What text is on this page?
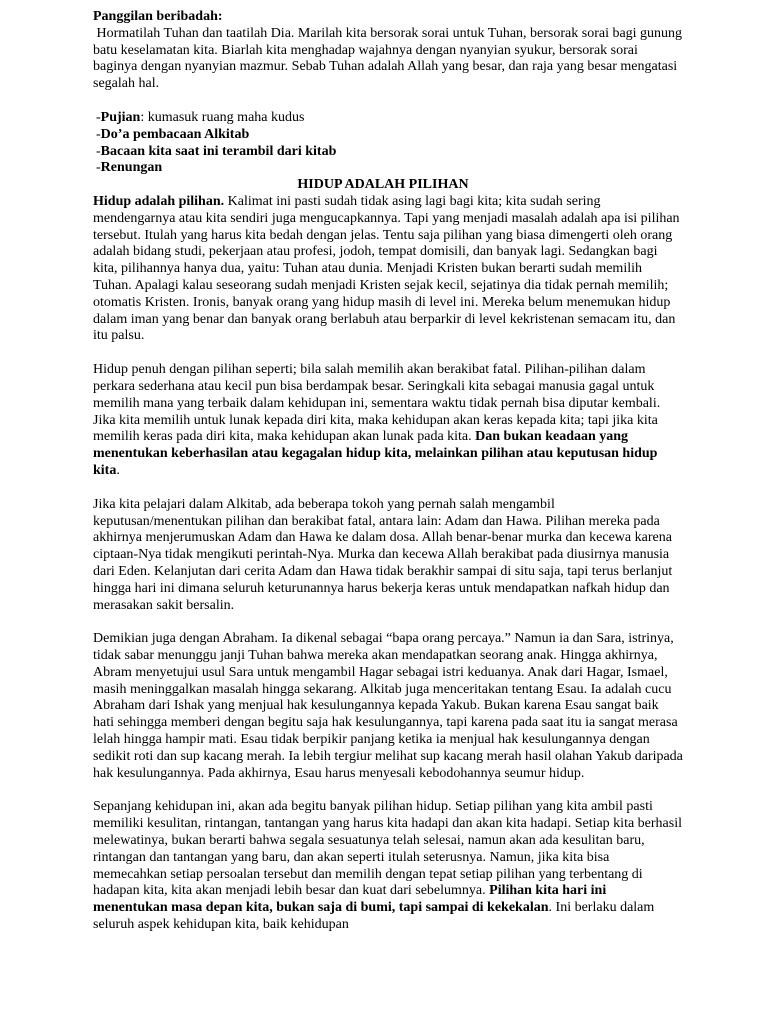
Panggilan beribadah:

Hormatilah Tuhan dan taatilah Dia. Marilah kita bersorak sorai untuk Tuhan, bersorak sorai bagi gunung batu keselamatan kita. Biarlah kita menghadap wajahnya dengan nyanyian syukur, bersorak sorai baginya dengan nyanyian mazmur. Sebab Tuhan adalah Allah yang besar, dan raja yang besar mengatasi segalah hal.

-Pujian: kumasuk ruang maha kudus
-Do’a pembacaan Alkitab
-Bacaan kita saat ini terambil dari kitab
-Renungan

HIDUP ADALAH PILIHAN

Hidup adalah pilihan. Kalimat ini pasti sudah tidak asing lagi bagi kita; kita sudah sering mendengarnya atau kita sendiri juga mengucapkannya. Tapi yang menjadi masalah adalah apa isi pilihan tersebut. Itulah yang harus kita bedah dengan jelas. Tentu saja pilihan yang biasa dimengerti oleh orang adalah bidang studi, pekerjaan atau profesi, jodoh, tempat domisili, dan banyak lagi. Sedangkan bagi kita, pilihannya hanya dua, yaitu: Tuhan atau dunia. Menjadi Kristen bukan berarti sudah memilih Tuhan. Apalagi kalau seseorang sudah menjadi Kristen sejak kecil, sejatinya dia tidak pernah memilih; otomatis Kristen. Ironis, banyak orang yang hidup masih di level ini. Mereka belum menemukan hidup dalam iman yang benar dan banyak orang berlabuh atau berparkir di level kekristenan semacam itu, dan itu palsu.

Hidup penuh dengan pilihan seperti; bila salah memilih akan berakibat fatal. Pilihan-pilihan dalam perkara sederhana atau kecil pun bisa berdampak besar. Seringkali kita sebagai manusia gagal untuk memilih mana yang terbaik dalam kehidupan ini, sementara waktu tidak pernah bisa diputar kembali. Jika kita memilih untuk lunak kepada diri kita, maka kehidupan akan keras kepada kita; tapi jika kita memilih keras pada diri kita, maka kehidupan akan lunak pada kita. Dan bukan keadaan yang menentukan keberhasilan atau kegagalan hidup kita, melainkan pilihan atau keputusan hidup kita.

Jika kita pelajari dalam Alkitab, ada beberapa tokoh yang pernah salah mengambil keputusan/menentukan pilihan dan berakibat fatal, antara lain: Adam dan Hawa. Pilihan mereka pada akhirnya menjerumuskan Adam dan Hawa ke dalam dosa. Allah benar-benar murka dan kecewa karena ciptaan-Nya tidak mengikuti perintah-Nya. Murka dan kecewa Allah berakibat pada diusirnya manusia dari Eden. Kelanjutan dari cerita Adam dan Hawa tidak berakhir sampai di situ saja, tapi terus berlanjut hingga hari ini dimana seluruh keturunannya harus bekerja keras untuk mendapatkan nafkah hidup dan merasakan sakit bersalin.

Demikian juga dengan Abraham. Ia dikenal sebagai “bapa orang percaya.” Namun ia dan Sara, istrinya, tidak sabar menunggu janji Tuhan bahwa mereka akan mendapatkan seorang anak. Hingga akhirnya, Abram menyetujui usul Sara untuk mengambil Hagar sebagai istri keduanya. Anak dari Hagar, Ismael, masih meninggalkan masalah hingga sekarang. Alkitab juga menceritakan tentang Esau. Ia adalah cucu Abraham dari Ishak yang menjual hak kesulungannya kepada Yakub. Bukan karena Esau sangat baik hati sehingga memberi dengan begitu saja hak kesulungannya, tapi karena pada saat itu ia sangat merasa lelah hingga hampir mati. Esau tidak berpikir panjang ketika ia menjual hak kesulungannya dengan sedikit roti dan sup kacang merah. Ia lebih tergiur melihat sup kacang merah hasil olahan Yakub daripada hak kesulungannya. Pada akhirnya, Esau harus menyesali kebodohannya seumur hidup.

Sepanjang kehidupan ini, akan ada begitu banyak pilihan hidup. Setiap pilihan yang kita ambil pasti memiliki kesulitan, rintangan, tantangan yang harus kita hadapi dan akan kita hadapi. Setiap kita berhasil melewatinya, bukan berarti bahwa segala sesuatunya telah selesai, namun akan ada kesulitan baru, rintangan dan tantangan yang baru, dan akan seperti itulah seterusnya. Namun, jika kita bisa memecahkan setiap persoalan tersebut dan memilih dengan tepat setiap pilihan yang terbentang di hadapan kita, kita akan menjadi lebih besar dan kuat dari sebelumnya. Pilihan kita hari ini menentukan masa depan kita, bukan saja di bumi, tapi sampai di kekekalan. Ini berlaku dalam seluruh aspek kehidupan kita, baik kehidupan
